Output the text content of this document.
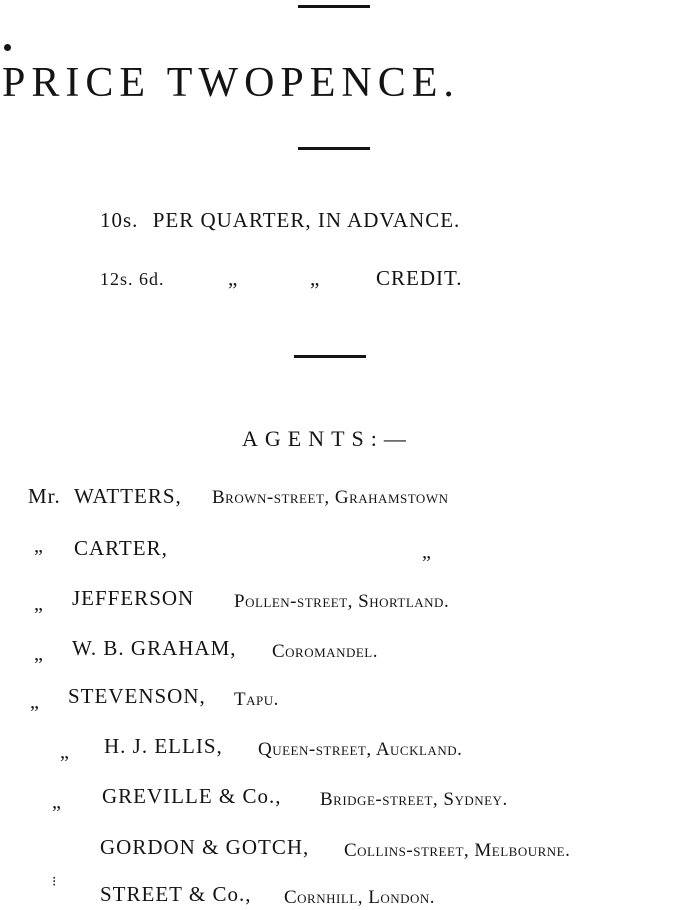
PRICE TWOPENCE.
10s. PER QUARTER, IN ADVANCE.
12s. 6d.	„	„	CREDIT.
AGENTS:—
Mr. WATTERS, Brown-street, Grahamstown
„ CARTER,	„
„ JEFFERSON Pollen-street, Shortland.
„ W. B. GRAHAM, Coromandel.
„ STEVENSON, Tapu.
„ H. J. ELLIS, Queen-street, Auckland.
„ GREVILLE & Co., Bridge-street, Sydney.
GORDON & GOTCH, Collins-street, Melbourne.
⁝ STREET & Co., Cornhill, London.
